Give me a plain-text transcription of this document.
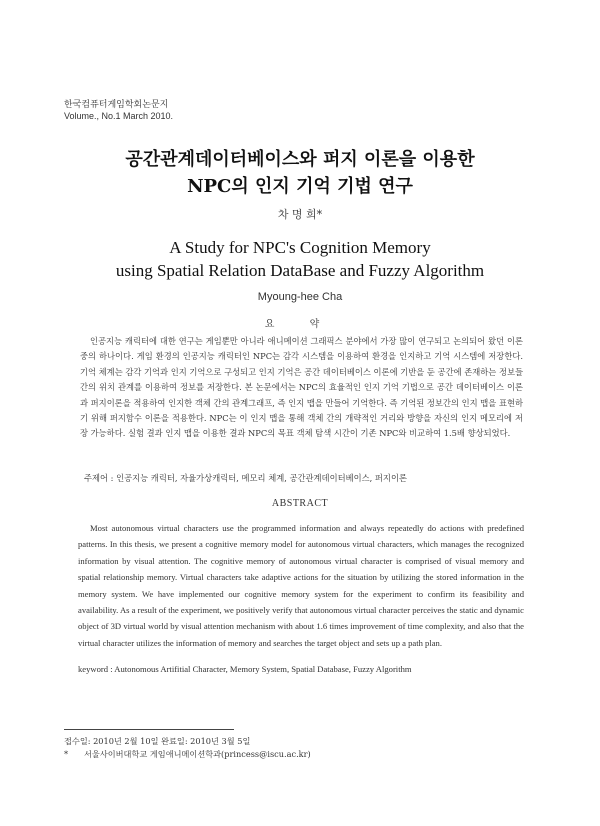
한국컴퓨터게임학회논문지
Volume., No.1 March 2010.
공간관계데이터베이스와 퍼지 이론을 이용한
NPC의 인지 기억 기법 연구
차 명 희*
A Study for NPC's Cognition Memory
using Spatial Relation DataBase and Fuzzy Algorithm
Myoung-hee Cha
요 약

인공지능 캐릭터에 대한 연구는 게임뿐만 아니라 애니메이션 그래픽스 분야에서 가장 많이 연구되고 논의되어 왔던 이론 중의 하나이다. 게임 환경의 인공지능 캐릭터인 NPC는 감각 시스템을 이용하여 환경을 인지하고 기억 시스템에 저장한다. 기억 체계는 감각 기억과 인지 기억으로 구성되고 인지 기억은 공간 데이터베이스 이론에 기반을 둔 공간에 존재하는 정보들 간의 위치 관계를 이용하여 정보를 저장한다. 본 논문에서는 NPC의 효율적인 인지 기억 기법으로 공간 데이터베이스 이론과 퍼지이론을 적용하여 인지한 객체 간의 관계그래프, 즉 인지 맵을 만들어 기억한다. 즉 기억된 정보간의 인지 맵을 표현하기 위해 퍼지함수 이론을 적용한다. NPC는 이 인지 맵을 통해 객체 간의 개략적인 거리와 방향을 자신의 인지 메모리에 저장 가능하다. 실험 결과 인지 맵을 이용한 결과 NPC의 목표 객체 탐색 시간이 기존 NPC와 비교하여 1.5배 향상되었다.

주제어 : 인공지능 캐릭터, 자율가상캐릭터, 메모리 체계, 공간관계데이터베이스, 퍼지이론
ABSTRACT

Most autonomous virtual characters use the programmed information and always repeatedly do actions with predefined patterns. In this thesis, we present a cognitive memory model for autonomous virtual characters, which manages the recognized information by visual attention. The cognitive memory of autonomous virtual character is comprised of visual memory and spatial relationship memory. Virtual characters take adaptive actions for the situation by utilizing the stored information in the memory system. We have implemented our cognitive memory system for the experiment to confirm its feasibility and availability. As a result of the experiment, we positively verify that autonomous virtual character perceives the static and dynamic object of 3D virtual world by visual attention mechanism with about 1.6 times improvement of time complexity, and also that the virtual character utilizes the information of memory and searches the target object and sets up a path plan.

keyword : Autonomous Artifitial Character, Memory System, Spatial Database, Fuzzy Algorithm
접수일: 2010년 2월 10일 완료일: 2010년 3월 5일
* 서울사이버대학교 게임애니메이션학과(princess@iscu.ac.kr)
